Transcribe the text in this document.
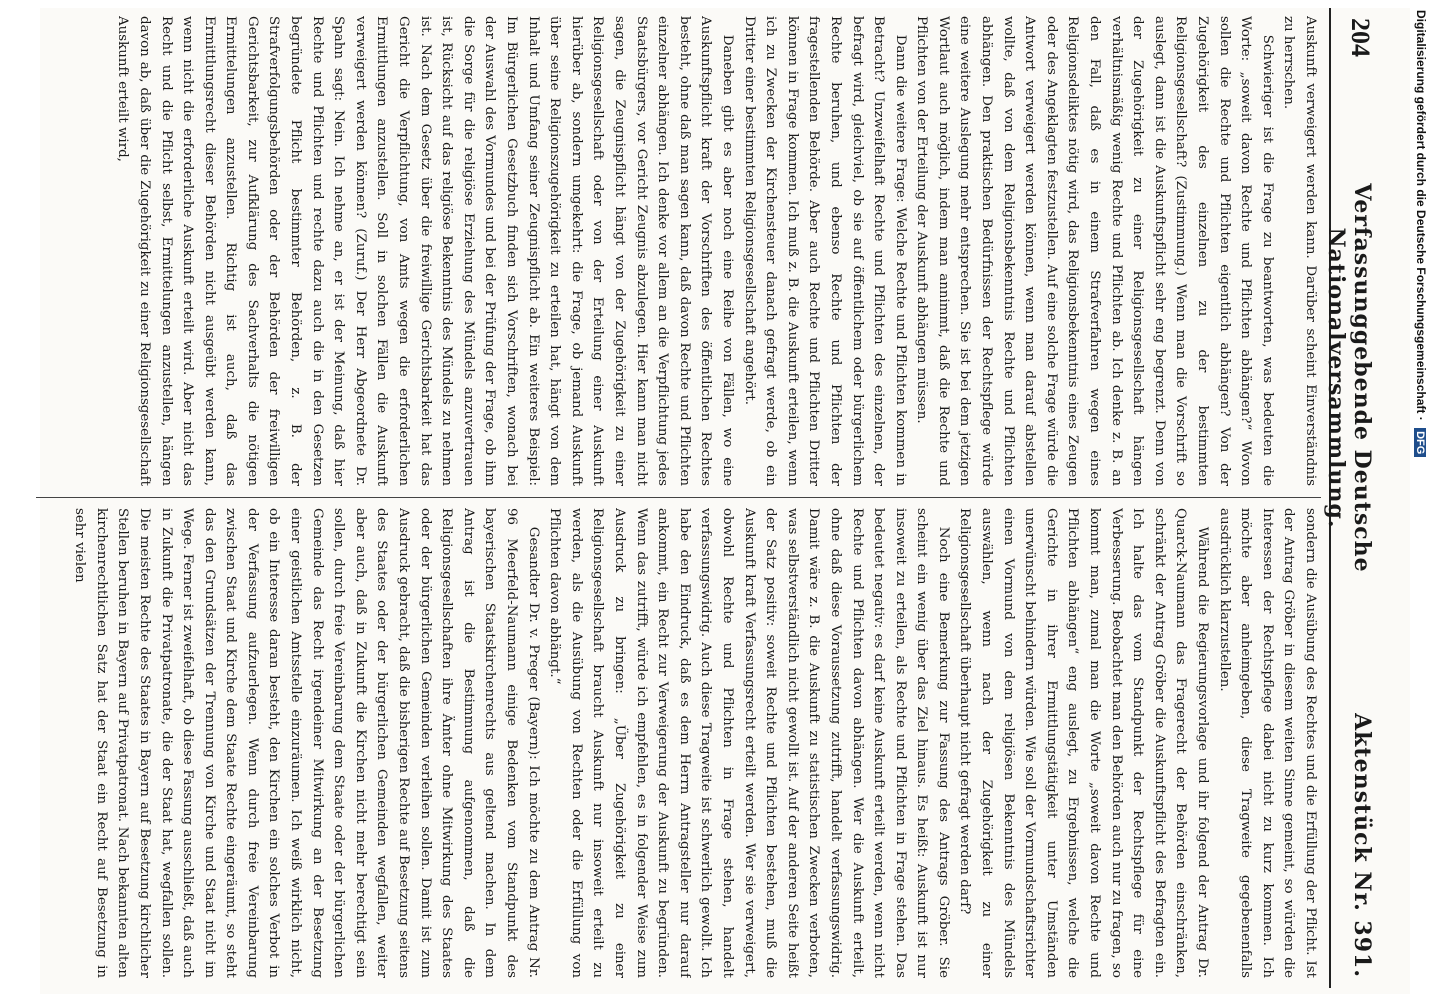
204
Verfassunggebende Deutsche Nationalversammlung.
Aktenstück Nr. 391.

Auskunft verweigert werden kann. Darüber scheint Einverständnis zu herrschen.

Schwieriger ist die Frage zu beantworten, was bedeuten die Worte: „soweit davon Rechte und Pflichten abhängen?“ Wovon sollen die Rechte und Pflichten eigentlich abhängen? Von der Zugehörigkeit des einzelnen zu der bestimmten Religionsgesellschaft? (Zustimmung.) Wenn man die Vorschrift so auslegt, dann ist die Auskunftspflicht sehr eng begrenzt. Denn von der Zugehörigkeit zu einer Religionsgesellschaft hängen verhältnismäßig wenig Rechte und Pflichten ab. Ich denke z. B. an den Fall, daß es in einem Strafverfahren wegen eines Religionsdeliktes nötig wird, das Religionsbekenntnis eines Zeugen oder des Angeklagten festzustellen. Auf eine solche Frage würde die Antwort verweigert werden können, wenn man darauf abstellen wollte, daß von dem Religionsbekenntnis Rechte und Pflichten abhängen. Den praktischen Bedürfnissen der Rechtspflege würde eine weitere Auslegung mehr entsprechen. Sie ist bei dem jetzigen Wortlaut auch möglich, indem man annimmt, daß die Rechte und Pflichten von der Erteilung der Auskunft abhängen müssen.

Dann die weitere Frage: Welche Rechte und Pflichten kommen in Betracht? Unzweifelhaft Rechte und Pflichten des einzelnen, der befragt wird, gleichviel, ob sie auf öffentlichem oder bürgerlichem Rechte beruhen, und ebenso Rechte und Pflichten der fragestellenden Behörde. Aber auch Rechte und Pflichten Dritter können in Frage kommen. Ich muß z. B. die Auskunft erteilen, wenn ich zu Zwecken der Kirchensteuer danach gefragt werde, ob ein Dritter einer bestimmten Religionsgesellschaft angehört.

Daneben gibt es aber noch eine Reihe von Fällen, wo eine Auskunftspflicht kraft der Vorschriften des öffentlichen Rechtes besteht, ohne daß man sagen kann, daß davon Rechte und Pflichten einzelner abhängen. Ich denke vor allem an die Verpflichtung jedes Staatsbürgers, vor Gericht Zeugnis abzulegen. Hier kann man nicht sagen, die Zeugnispflicht hängt von der Zugehörigkeit zu einer Religionsgesellschaft oder von der Erteilung einer Auskunft hierüber ab, sondern umgekehrt: die Frage, ob jemand Auskunft über seine Religionszugehörigkeit zu erteilen hat, hängt von dem Inhalt und Umfang seiner Zeugnispflicht ab. Ein weiteres Beispiel: Im Bürgerlichen Gesetzbuch finden sich Vorschriften, wonach bei der Auswahl des Vormundes und bei der Prüfung der Frage, ob ihm die Sorge für die religiöse Erziehung des Mündels anzuvertrauen ist, Rücksicht auf das religiöse Bekenntnis des Mündels zu nehmen ist. Nach dem Gesetz über die freiwillige Gerichtsbarkeit hat das Gericht die Verpflichtung, von Amts wegen die erforderlichen Ermittlungen anzustellen. Soll in solchen Fällen die Auskunft verweigert werden können? (Zuruf.) Der Herr Abgeordnete Dr. Spahn sagt: Nein. Ich nehme an, er ist der Meinung, daß hier Rechte und Pflichten und rechte dazu auch die in den Gesetzen begründete Pflicht bestimmter Behörden, z. B. der Strafverfolgungsbehörden oder der Behörden der freiwilligen Gerichtsbarkeit, zur Aufklärung des Sachverhalts die nötigen Ermittelungen anzustellen. Richtig ist auch, daß das Ermittlungsrecht dieser Behörden nicht ausgeübt werden kann, wenn nicht die erforderliche Auskunft erteilt wird. Aber nicht das Recht und die Pflicht selbst, Ermittelungen anzustellen, hängen davon ab, daß über die Zugehörigkeit zu einer Religionsgesellschaft Auskunft erteilt wird,

sondern die Ausübung des Rechtes und die Erfüllung der Pflicht. Ist der Antrag Gröber in diesem weiten Sinne gemeint, so würden die Interessen der Rechtspflege dabei nicht zu kurz kommen. Ich möchte aber anheimgeben, diese Tragweite gegebenenfalls ausdrücklich klarzustellen.

Während die Regierungsvorlage und ihr folgend der Antrag Dr. Quarck-Naumann das Fragerecht der Behörden einschränken, schränkt der Antrag Gröber die Auskunftspflicht des Befragten ein. Ich halte das vom Standpunkt der Rechtspflege für eine Verbesserung. Beobachtet man den Behörden auch nur zu fragen, so kommt man, zumal man die Worte „soweit davon Rechte und Pflichten abhängen“ eng auslegt, zu Ergebnissen, welche die Gerichte in ihrer Ermittlungstätigkeit unter Umständen unerwünscht behindern würden. Wie soll der Vormundschaftsrichter einen Vormund von dem religiösen Bekenntnis des Mündels auswählen, wenn nach der Zugehörigkeit zu einer Religionsgesellschaft überhaupt nicht gefragt werden darf?

Noch eine Bemerkung zur Fassung des Antrags Gröber. Sie scheint ein wenig über das Ziel hinaus. Es heißt: Auskunft ist nur insoweit zu erteilen, als Rechte und Pflichten in Frage stehen. Das bedeutet negativ: es darf keine Auskunft erteilt werden, wenn nicht Rechte und Pflichten davon abhängen. Wer die Auskunft erteilt, ohne daß diese Voraussetzung zutrifft, handelt verfassungswidrig. Damit wäre z. B. die Auskunft zu statistischen Zwecken verboten, was selbstverständlich nicht gewollt ist. Auf der anderen Seite heißt der Satz positiv: soweit Rechte und Pflichten bestehen, muß die Auskunft kraft Verfassungsrecht erteilt werden. Wer sie verweigert, obwohl Rechte und Pflichten in Frage stehen, handelt verfassungswidrig. Auch diese Tragweite ist schwerlich gewollt. Ich habe den Eindruck, daß es dem Herrn Antragsteller nur darauf ankommt, ein Recht zur Verweigerung der Auskunft zu begründen. Wenn das zutrifft, würde ich empfehlen, es in folgender Weise zum Ausdruck zu bringen: „Über Zugehörigkeit zu einer Religionsgesellschaft braucht Auskunft nur insoweit erteilt zu werden, als die Ausübung von Rechten oder die Erfüllung von Pflichten davon abhängt.“

Gesandter Dr. v. Preger (Bayern): Ich möchte zu dem Antrag Nr. 96 Meerfeld-Naumann einige Bedenken vom Standpunkt des bayerischen Staatskirchenrechts aus geltend machen. In dem Antrag ist die Bestimmung aufgenommen, daß die Religionsgesellschaften ihre Ämter ohne Mitwirkung des Staates oder der bürgerlichen Gemeinden verleihen sollen. Damit ist zum Ausdruck gebracht, daß die bisherigen Rechte auf Besetzung seitens des Staates oder der bürgerlichen Gemeinden wegfallen, weiter aber auch, daß in Zukunft die Kirchen nicht mehr berechtigt sein sollen, durch freie Vereinbarung dem Staate oder der bürgerlichen Gemeinde das Recht irgendeiner Mitwirkung an der Besetzung einer geistlichen Amtsstelle einzuräumen. Ich weiß wirklich nicht, ob ein Interesse daran besteht, den Kirchen ein solches Verbot in der Verfassung aufzuerlegen. Wenn durch freie Vereinbarung zwischen Staat und Kirche dem Staate Rechte eingeräumt, so steht das den Grundsätzen der Trennung von Kirche und Staat nicht im Wege. Ferner ist zweifelhaft, ob diese Fassung ausschließt, daß auch in Zukunft die Privatpatronate, die der Staat hat, wegfallen sollen. Die meisten Rechte des Staates in Bayern auf Besetzung kirchlicher Stellen beruhen in Bayern auf Privatpatronat. Nach bekannten alten kirchenrechtlichen Satz hat der Staat ein Recht auf Besetzung in sehr vielen

Digitalisierung gefördert durch die Deutsche Forschungsgemeinschaft · DFG
